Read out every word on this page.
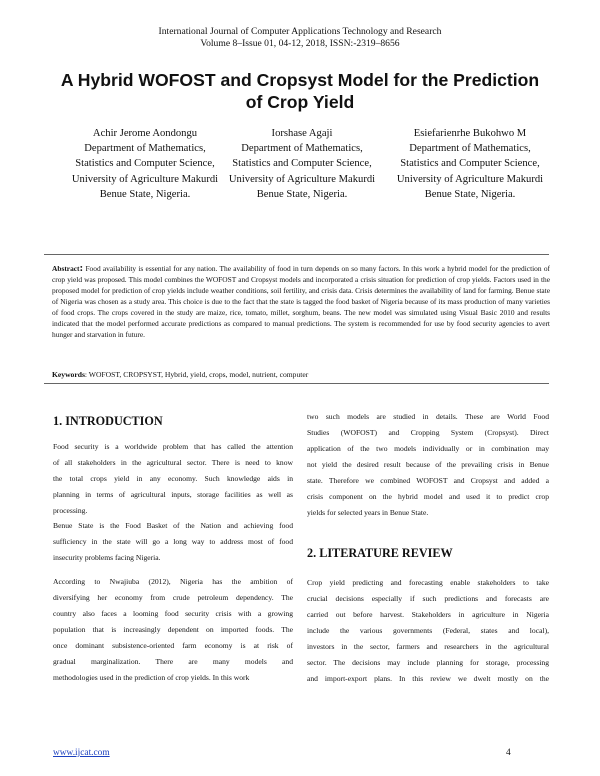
International Journal of Computer Applications Technology and Research
Volume 8–Issue 01, 04-12, 2018, ISSN:-2319–8656
A Hybrid WOFOST and Cropsyst Model for the Prediction
of Crop Yield
Achir Jerome Aondongu
Department of Mathematics,
Statistics and Computer Science,
University of Agriculture Makurdi
Benue State, Nigeria.
Iorshase Agaji
Department of Mathematics,
Statistics and Computer Science,
University of Agriculture Makurdi
Benue State, Nigeria.
Esiefarienrhe Bukohwo M
Department of Mathematics,
Statistics and Computer Science,
University of Agriculture Makurdi
Benue State, Nigeria.
Abstract: Food availability is essential for any nation. The availability of food in turn depends on so many factors. In this work a hybrid model for the prediction of crop yield was proposed. This model combines the WOFOST and Cropsyst models and incorporated a crisis situation for prediction of crop yields. Factors used in the proposed model for prediction of crop yields include weather conditions, soil fertility, and crisis data. Crisis determines the availability of land for farming. Benue state of Nigeria was chosen as a study area. This choice is due to the fact that the state is tagged the food basket of Nigeria because of its mass production of many varieties of food crops. The crops covered in the study are maize, rice, tomato, millet, sorghum, beans. The new model was simulated using Visual Basic 2010 and results indicated that the model performed accurate predictions as compared to manual predictions. The system is recommended for use by food security agencies to avert hunger and starvation in future.
Keywords: WOFOST, CROPSYST, Hybrid, yield, crops, model, nutrient, computer
1. INTRODUCTION
Food security is a worldwide problem that has called the attention
of all stakeholders in the agricultural sector. There is need to know
the total crops yield in any economy. Such knowledge aids in
planning in terms of agricultural inputs, storage facilities as well as
processing.
Benue State is the Food Basket of the Nation and achieving food
sufficiency in the state will go a long way to address most of food
insecurity problems facing Nigeria.
According to Nwajiuba (2012), Nigeria has the ambition of
diversifying her economy from crude petroleum dependency. The
country also faces a looming food security crisis with a growing
population that is increasingly dependent on imported foods. The
once dominant subsistence-oriented farm economy is at risk of
gradual marginalization. There are many models and
methodologies used in the prediction of crop yields. In this work
two such models are studied in details. These are World Food
Studies (WOFOST) and Cropping System (Cropsyst). Direct
application of the two models individually or in combination may
not yield the desired result because of the prevailing crisis in Benue
state. Therefore we combined WOFOST and Cropsyst and added a
crisis component on the hybrid model and used it to predict crop
yields for selected years in Benue State.
2. LITERATURE REVIEW
Crop yield predicting and forecasting enable stakeholders to take
crucial decisions especially if such predictions and forecasts are
carried out before harvest. Stakeholders in agriculture in Nigeria
include the various governments (Federal, states and local),
investors in the sector, farmers and researchers in the agricultural
sector. The decisions may include planning for storage, processing
and import-export plans. In this review we dwelt mostly on the
www.ijcat.com	4
